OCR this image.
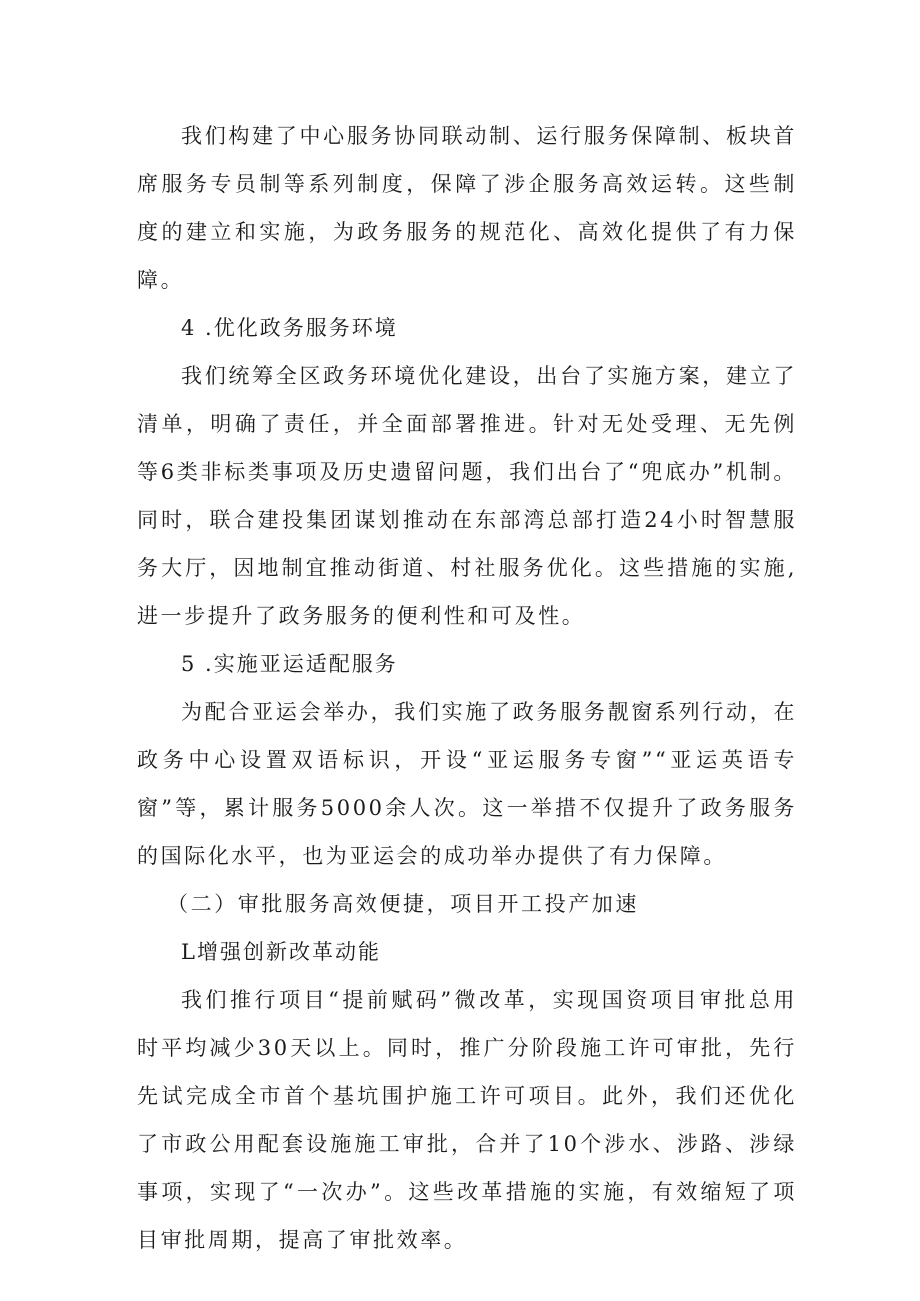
我们构建了中心服务协同联动制、运行服务保障制、板块首席服务专员制等系列制度，保障了涉企服务高效运转。这些制度的建立和实施，为政务服务的规范化、高效化提供了有力保障。

4 .优化政务服务环境

我们统筹全区政务环境优化建设，出台了实施方案，建立了清单，明确了责任，并全面部署推进。针对无处受理、无先例等6类非标类事项及历史遗留问题，我们出台了“兜底办”机制。同时，联合建投集团谋划推动在东部湾总部打造24小时智慧服务大厅，因地制宜推动街道、村社服务优化。这些措施的实施,进一步提升了政务服务的便利性和可及性。

5 .实施亚运适配服务

为配合亚运会举办，我们实施了政务服务靓窗系列行动，在政务中心设置双语标识，开设“亚运服务专窗”“亚运英语专窗”等，累计服务5000余人次。这一举措不仅提升了政务服务的国际化水平，也为亚运会的成功举办提供了有力保障。

（二）审批服务高效便捷，项目开工投产加速

L增强创新改革动能

我们推行项目“提前赋码”微改革，实现国资项目审批总用时平均减少30天以上。同时，推广分阶段施工许可审批，先行先试完成全市首个基坑围护施工许可项目。此外，我们还优化了市政公用配套设施施工审批，合并了10个涉水、涉路、涉绿事项，实现了“一次办”。这些改革措施的实施，有效缩短了项目审批周期，提高了审批效率。
